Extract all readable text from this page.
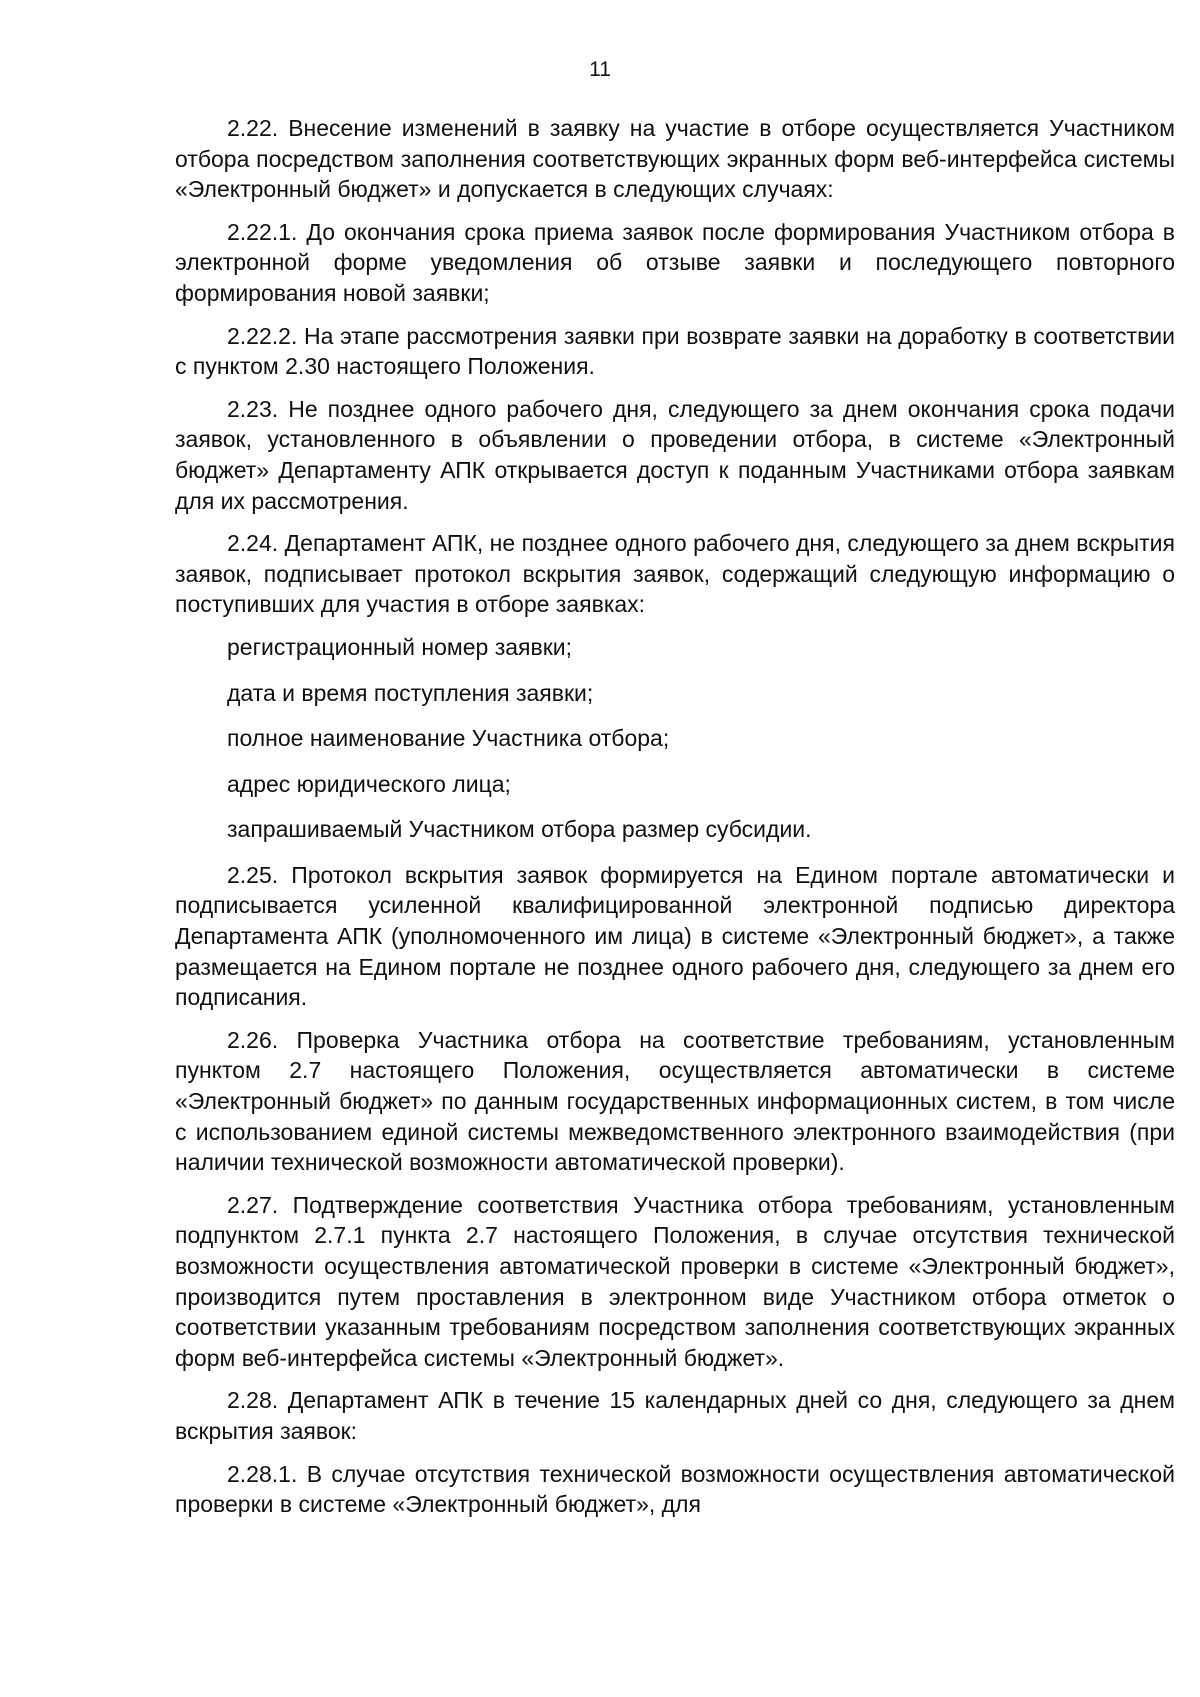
11

2.22. Внесение изменений в заявку на участие в отборе осуществляется Участником отбора посредством заполнения соответствующих экранных форм веб-интерфейса системы «Электронный бюджет» и допускается в следующих случаях:

2.22.1. До окончания срока приема заявок после формирования Участником отбора в электронной форме уведомления об отзыве заявки и последующего повторного формирования новой заявки;

2.22.2. На этапе рассмотрения заявки при возврате заявки на доработку в соответствии с пунктом 2.30 настоящего Положения.

2.23. Не позднее одного рабочего дня, следующего за днем окончания срока подачи заявок, установленного в объявлении о проведении отбора, в системе «Электронный бюджет» Департаменту АПК открывается доступ к поданным Участниками отбора заявкам для их рассмотрения.

2.24. Департамент АПК, не позднее одного рабочего дня, следующего за днем вскрытия заявок, подписывает протокол вскрытия заявок, содержащий следующую информацию о поступивших для участия в отборе заявках:

регистрационный номер заявки;

дата и время поступления заявки;

полное наименование Участника отбора;

адрес юридического лица;

запрашиваемый Участником отбора размер субсидии.

2.25. Протокол вскрытия заявок формируется на Едином портале автоматически и подписывается усиленной квалифицированной электронной подписью директора Департамента АПК (уполномоченного им лица) в системе «Электронный бюджет», а также размещается на Едином портале не позднее одного рабочего дня, следующего за днем его подписания.

2.26. Проверка Участника отбора на соответствие требованиям, установленным пунктом 2.7 настоящего Положения, осуществляется автоматически в системе «Электронный бюджет» по данным государственных информационных систем, в том числе с использованием единой системы межведомственного электронного взаимодействия (при наличии технической возможности автоматической проверки).

2.27. Подтверждение соответствия Участника отбора требованиям, установленным подпунктом 2.7.1 пункта 2.7 настоящего Положения, в случае отсутствия технической возможности осуществления автоматической проверки в системе «Электронный бюджет», производится путем проставления в электронном виде Участником отбора отметок о соответствии указанным требованиям посредством заполнения соответствующих экранных форм веб-интерфейса системы «Электронный бюджет».

2.28. Департамент АПК в течение 15 календарных дней со дня, следующего за днем вскрытия заявок:

2.28.1. В случае отсутствия технической возможности осуществления автоматической проверки в системе «Электронный бюджет», для
